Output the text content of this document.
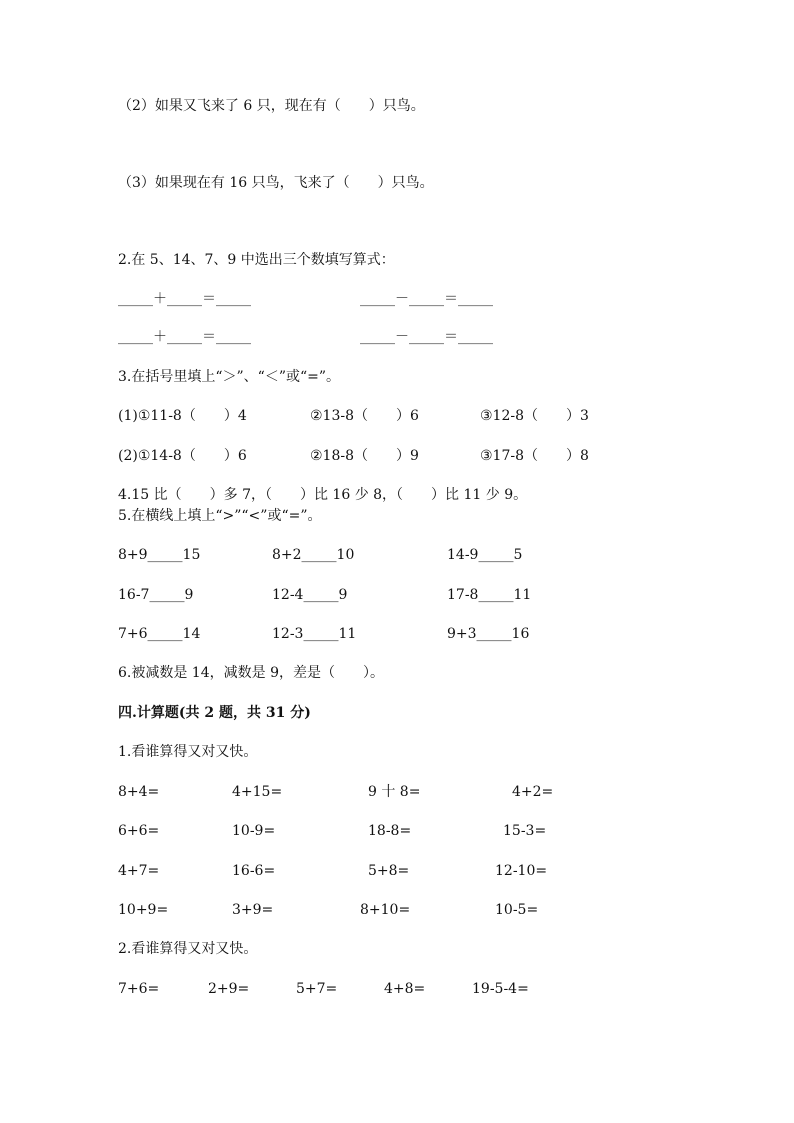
（2）如果又飞来了 6 只，现在有（　　）只鸟。
（3）如果现在有 16 只鸟，飞来了（　　）只鸟。
2.在 5、14、7、9 中选出三个数填写算式：
_____＋_____＝_____	_____－_____＝_____
_____＋_____＝_____	_____－_____＝_____
3.在括号里填上“＞”、“＜”或“=”。
(1)①11-8（　　）4	②13-8（　　）6	③12-8（　　）3
(2)①14-8（　　）6	②18-8（　　）9	③17-8（　　）8
4.15 比（　　）多 7，（　　）比 16 少 8，（　　）比 11 少 9。
5.在横线上填上“>”“<”或“=”。
8+9_____15	8+2_____10	14-9_____5
16-7_____9	12-4_____9	17-8_____11
7+6_____14	12-3_____11	9+3_____16
6.被减数是 14，减数是 9，差是（　　）。
四.计算题(共 2 题，共 31 分)
1.看谁算得又对又快。
8+4=	4+15=	9 十 8=	4+2=
6+6=	10-9=	18-8=	15-3=
4+7=	16-6=	5+8=	12-10=
10+9=	3+9=	8+10=	10-5=
2.看谁算得又对又快。
7+6=	2+9=	5+7=	4+8=	19-5-4=
